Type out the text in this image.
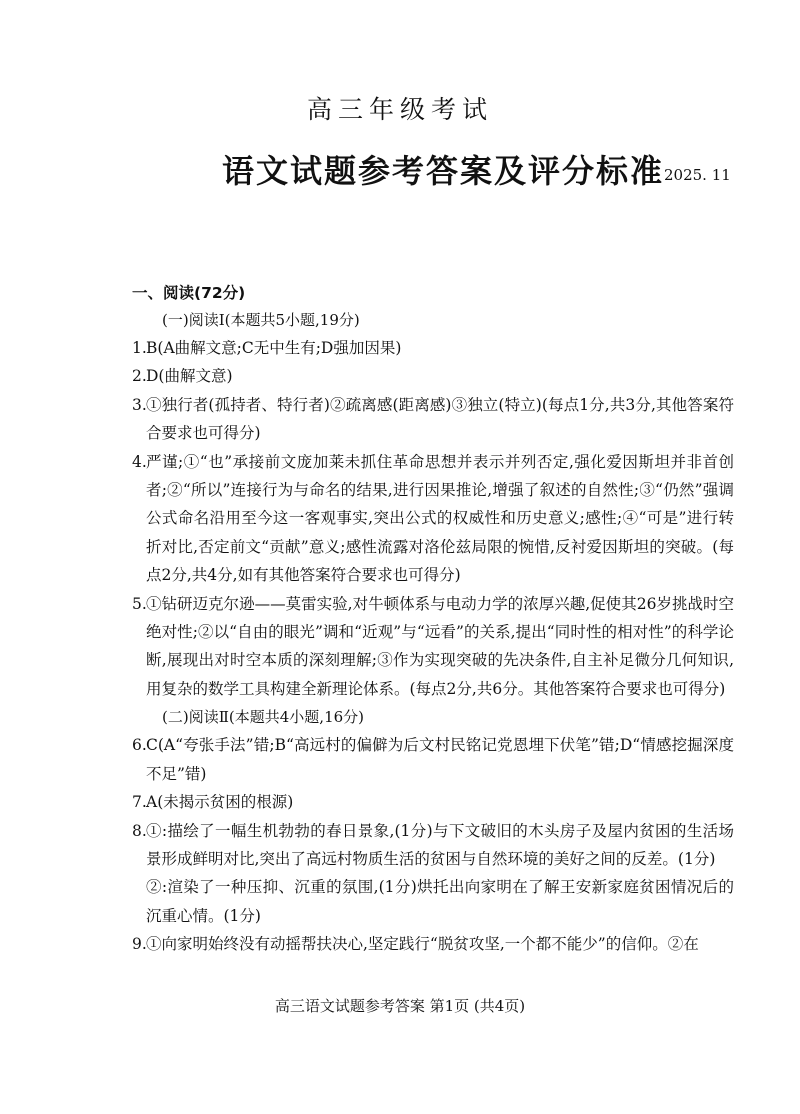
高三年级考试
语文试题参考答案及评分标准 2025. 11
一、阅读(72分)
(一)阅读Ⅰ(本题共5小题,19分)
1. B(A曲解文意;C无中生有;D强加因果)
2. D(曲解文意)
3. ①独行者(孤持者、特行者)②疏离感(距离感)③独立(特立)(每点1分,共3分,其他答案符合要求也可得分)
4. 严谨;①“也”承接前文庞加莱未抓住革命思想并表示并列否定,强化爱因斯坦并非首创者;②“所以”连接行为与命名的结果,进行因果推论,增强了叙述的自然性;③“仍然”强调公式命名沿用至今这一客观事实,突出公式的权威性和历史意义;感性;④“可是”进行转折对比,否定前文“贡献”意义;感性流露对洛伦兹局限的惋惜,反衬爱因斯坦的突破。(每点2分,共4分,如有其他答案符合要求也可得分)
5. ①钻研迈克尔逊——莫雷实验,对牛顿体系与电动力学的浓厚兴趣,促使其26岁挑战时空绝对性;②以“自由的眼光”调和“近观”与“远看”的关系,提出“同时性的相对性”的科学论断,展现出对时空本质的深刻理解;③作为实现突破的先决条件,自主补足微分几何知识,用复杂的数学工具构建全新理论体系。(每点2分,共6分。其他答案符合要求也可得分)
(二)阅读Ⅱ(本题共4小题,16分)
6. C(A“夸张手法”错;B“高远村的偏僻为后文村民铭记党恩埋下伏笔”错;D“情感挖掘深度不足”错)
7. A(未揭示贫困的根源)
8. ①:描绘了一幅生机勃勃的春日景象,(1分)与下文破旧的木头房子及屋内贫困的生活场景形成鲜明对比,突出了高远村物质生活的贫困与自然环境的美好之间的反差。(1分)
②:渲染了一种压抑、沉重的氛围,(1分)烘托出向家明在了解王安新家庭贫困情况后的沉重心情。(1分)
9. ①向家明始终没有动摇帮扶决心,坚定践行“脱贫攻坚,一个都不能少”的信仰。②在
高三语文试题参考答案 第1页 (共4页)
